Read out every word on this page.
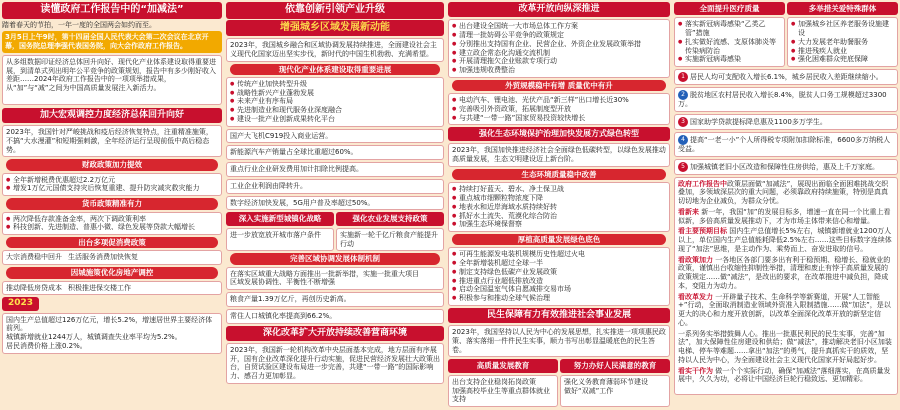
读懂政府工作报告中的“加减法”

踏着春天的节拍，一年一度的全国两会如约而至。

3月5日上午9时，第十四届全国人民代表大会第二次会议在北京开幕，国务院总理李强代表国务院，向大会作政府工作报告。

从多组数据印证经济总体回升向好、现代化产业体系建设取得重要进展，到清单式列出明年公平竞争的政策规划，报告中有多少刚好收入差距……2024年政府工作报告中的一项项举措成果，从“加”与“减”之间为中国高质量发展注入新活力。

加大宏观调控力度经济总体回升向好

2023年，我国针对严峻挑战和疫后经济恢复特点，注重精准施策，不搞“大水漫灌”和短期强刺激，全年经济运行呈现前低中高后稳态势。

财政政策加力提效
● 全年新增税费优惠超过2.2万亿元
● 增发1万亿元国债支持灾后恢复重建、提升防灾减灾救灾能力
货币政策精准有力
● 两次降低存款准备金率，两次下调政策利率
● 科技创新、先进制造、普惠小微、绿色发展等贷款大幅增长
出台多项促消费政策
大宗消费稳中回升 生活服务消费加快恢复
因城施策优化房地产调控
推动降低房贷成本 积极推进保交楼工作
2023

国内生产总值超过126万亿元，增长5.2%，增速居世界主要经济体前列。

城镇新增就业1244万人，城镇调查失业率平均为5.2%。

居民消费价格上涨0.2%。

依靠创新引领产业升级
增强城乡区域发展新动能

2023年，我国城乡融合和区域协调发展持续推进，全面建设社会主义现代化国家迈出坚实步伐，新时代的中国生机勃勃、充满希望。

现代化产业体系建设取得重要进展
● 传统产业加快转型升级
● 战略性新兴产业蓬勃发展
● 未来产业有序布局
● 先进制造业和现代服务业深度融合
● 建设一批产业创新成果转化平台

国产大飞机C919投入商业运营。

新能源汽车产销量占全球比重超过60%。

重点行业企业研发费用加计扣除比例提高。

工业企业利润由降转升。

数字经济加快发展，5G用户普及率超过50%。

深入实施新型城镇化战略	强化农业发展支持政策

进一步放宽放开城市落户条件	实施新一轮千亿斤粮食产能提升行动

完善区域协调发展体制机制

在落实区域重大战略方面推出一批新举措，实施一批重大项目

区域发展协调性、平衡性不断增强

粮食产量1.39万亿斤，再创历史新高。

常住人口城镇化率提高到66.2%。

深化改革扩大开放持续改善营商环境

2023年，我国新一轮机构改革中央层面基本完成，地方层面有序展开，国有企业改革深化提升行动实施，促进民营经济发展壮大政策出台，自贸试验区建设布局进一步完善，共建“一带一路”的国际影响力、感召力更加彰显。

改革开放向纵深推进
● 出台建设全国统一大市场总体工作方案
● 清理一批妨碍公平竞争的政策规定
● 分別推出支持国有企业、民营企业、外资企业发展政策举措
● 建立政企常态化沟通交流机制
● 开展清理拖欠企业账款专项行动
● 加强违规收费整治
外贸规模稳中有增 质量优中有升
● 电动汽车、锂电池、光伏产品“新三样”出口增长近30%
● 完善吸引外资政策，拓展制度型开放
● 与共建“一带一路”国家贸易投资较快增长
强化生态环境保护治理加快发展方式绿色转型

2023年，我国加快推进经济社会全面绿色低碳转型，以绿色发展推动高质量发展，生态文明建设迈上新台阶。

生态环境质量稳中改善
● 持续打好蓝天、碧水、净土保卫战
● 重点城市细颗粒物浓度下降
● 地表水和近岸海域水质持续好转
● 抓好水土流失、荒漠化综合防治
● 加强生态环境保督察
厚植高质量发展绿色底色
● 可再生能源发电装机规模历史性超过火电
● 全年新增装机超过全球一半
● 制定支持绿色低碳产业发展政策
● 推进重点行业超低排放改造
● 启动全国温室气体自愿减排交易市场
● 积极参与和推动全球气候治理
民生保障有力有效推进社会事业发展

2023年，我国坚持以人民为中心的发展思想，扎实推进一项项惠民政策、落实落细一件件民生实事，顺力书写出彰显温暖底色的民生答卷。

高质量发展教育	努力办好人民满意的教育

出台支持企业稳岗拓岗政策

加强高校毕业生等重点群体就业支持

强化义务教育薄弱环节建设

做好“双减”工作

全面提升医疗质量	多举措关爱特殊群体
● 落实新冠病毒感染“乙类乙管”措施
● 扎实做好流感、支原体肺炎等传染病防治
● 实施新冠病毒感染
● 加强城乡社区养老服务设施建设
● 大力发展老年助餐服务
● 推进残疾人就业
● 强化困难群众兜底保障
1 居民人均可支配收入增长6.1%，城乡居民收入差距继续缩小。
2 脱贫地区农村居民收入增长8.4%，脱贫人口务工规模超过3300万。
3 国家助学贷款提标降息惠及1100多万学生。
4 提高“一老一小”个人所得税专项附加扣除标准，6600多万纳税人受益。
5 加强城镇老旧小区改造和保障性住房供给，惠及上千万家庭。

政府工作报告中政策层面做“加减法”，展现出面临全面困难挑战交织叠加，多领域深层次的重大问题，必须靠政府持续施策，特别是真真切切地为企业减负，为群众分忧。

看新来 新一年，我国“加”的发展目标多，增速一直在同一个比重上看似新，多倍高质量发展推动下，才为市场主体带来信心和增量。

看主要预期目标 国内生产总值增长5%左右，城镇新增就业1200万人以上，单位国内生产总值能耗降低2.5%左右……这些目标数字连续体现了“加法”思维，是主动作为、乘势而上、奋发进取的信号。

看政策加力 一各地区各部门要多出有利于稳预期、稳增长、稳就业的政策，谨慎出台收缩性抑制性举措，清理和废止有悖于高质量发展的政策规定……做“减法”，是改出的要求，在改革推进中减负担，降成本，变阻力为动力。

看改革发力 一开辟量子技术、生命科学等新赛道，开展“人工智能+”行动，全面取消制造业领域外资准入限制措施……做“加法”，是以更大的决心和力度开放创新，以改革全面深化改革开放的新坚定信心。

一系列务实举措鼓舞人心。推出一批惠民利民的民生实事，完善“加法”，加大保障性住房建设和供给；做“减法”，推动解决老旧小区加装电梯、停车等难题……拿出“加法”的勇气，提升真抓实干的质效，坚持以人民为中心，为全面建设社会主义现代化国家开好局起好步。

看实干作为 做一个个实际行动，确保“加减法”落细落实，在高质量发展中，久久为功，必将让中国经济巨轮行稳致远、更加精彩。
